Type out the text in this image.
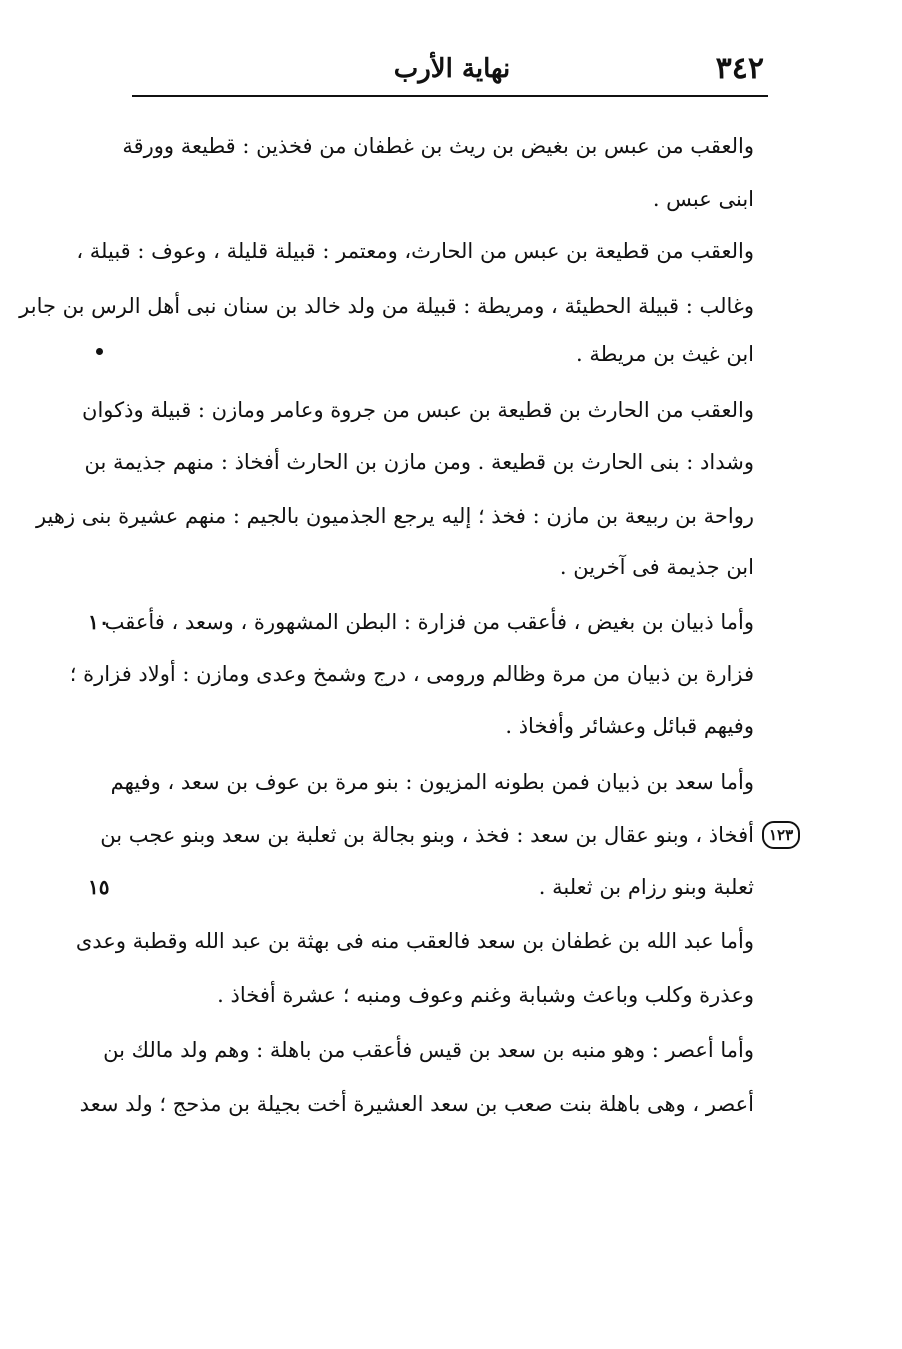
٣٤٢
نهاية الأرب
والعقب من عبس بن بغيض بن ريث بن غطفان من فخذين : قطيعة وورقة
ابنى عبس .
والعقب من قطيعة بن عبس من الحارث، ومعتمر : قبيلة قليلة ، وعوف : قبيلة ،
وغالب : قبيلة الحطيئة ، ومريطة : قبيلة من ولد خالد بن سنان نبى أهل الرس بن جابر
ابن غيث بن مريطة .
والعقب من الحارث بن قطيعة بن عبس من جروة وعامر ومازن : قبيلة وذكوان
وشداد : بنى الحارث بن قطيعة . ومن مازن بن الحارث أفخاذ : منهم جذيمة بن
رواحة بن ربيعة بن مازن : فخذ ؛ إليه يرجع الجذميون بالجيم : منهم عشيرة بنى زهير
ابن جذيمة فى آخرين .
وأما ذبيان بن بغيض ، فأعقب من فزارة : البطن المشهورة ، وسعد ، فأعقب
فزارة بن ذبيان من مرة وظالم ورومى ، درج وشمخ وعدى ومازن : أولاد فزارة ؛
وفيهم قبائل وعشائر وأفخاذ .
وأما سعد بن ذبيان فمن بطونه المزيون : بنو مرة بن عوف بن سعد ، وفيهم
أفخاذ ، وبنو عقال بن سعد : فخذ ، وبنو بجالة بن ثعلبة بن سعد وبنو عجب بن
ثعلبة وبنو رزام بن ثعلبة .
وأما عبد الله بن غطفان بن سعد فالعقب منه فى بهثة بن عبد الله وقطبة وعدى
وعذرة وكلب وباعث وشبابة وغنم وعوف ومنبه ؛ عشرة أفخاذ .
وأما أعصر : وهو منبه بن سعد بن قيس فأعقب من باهلة : وهم ولد مالك بن
أعصر ، وهى باهلة بنت صعب بن سعد العشيرة أخت بجيلة بن مذحج ؛ ولد سعد
١٠
١٥
١٢٣
